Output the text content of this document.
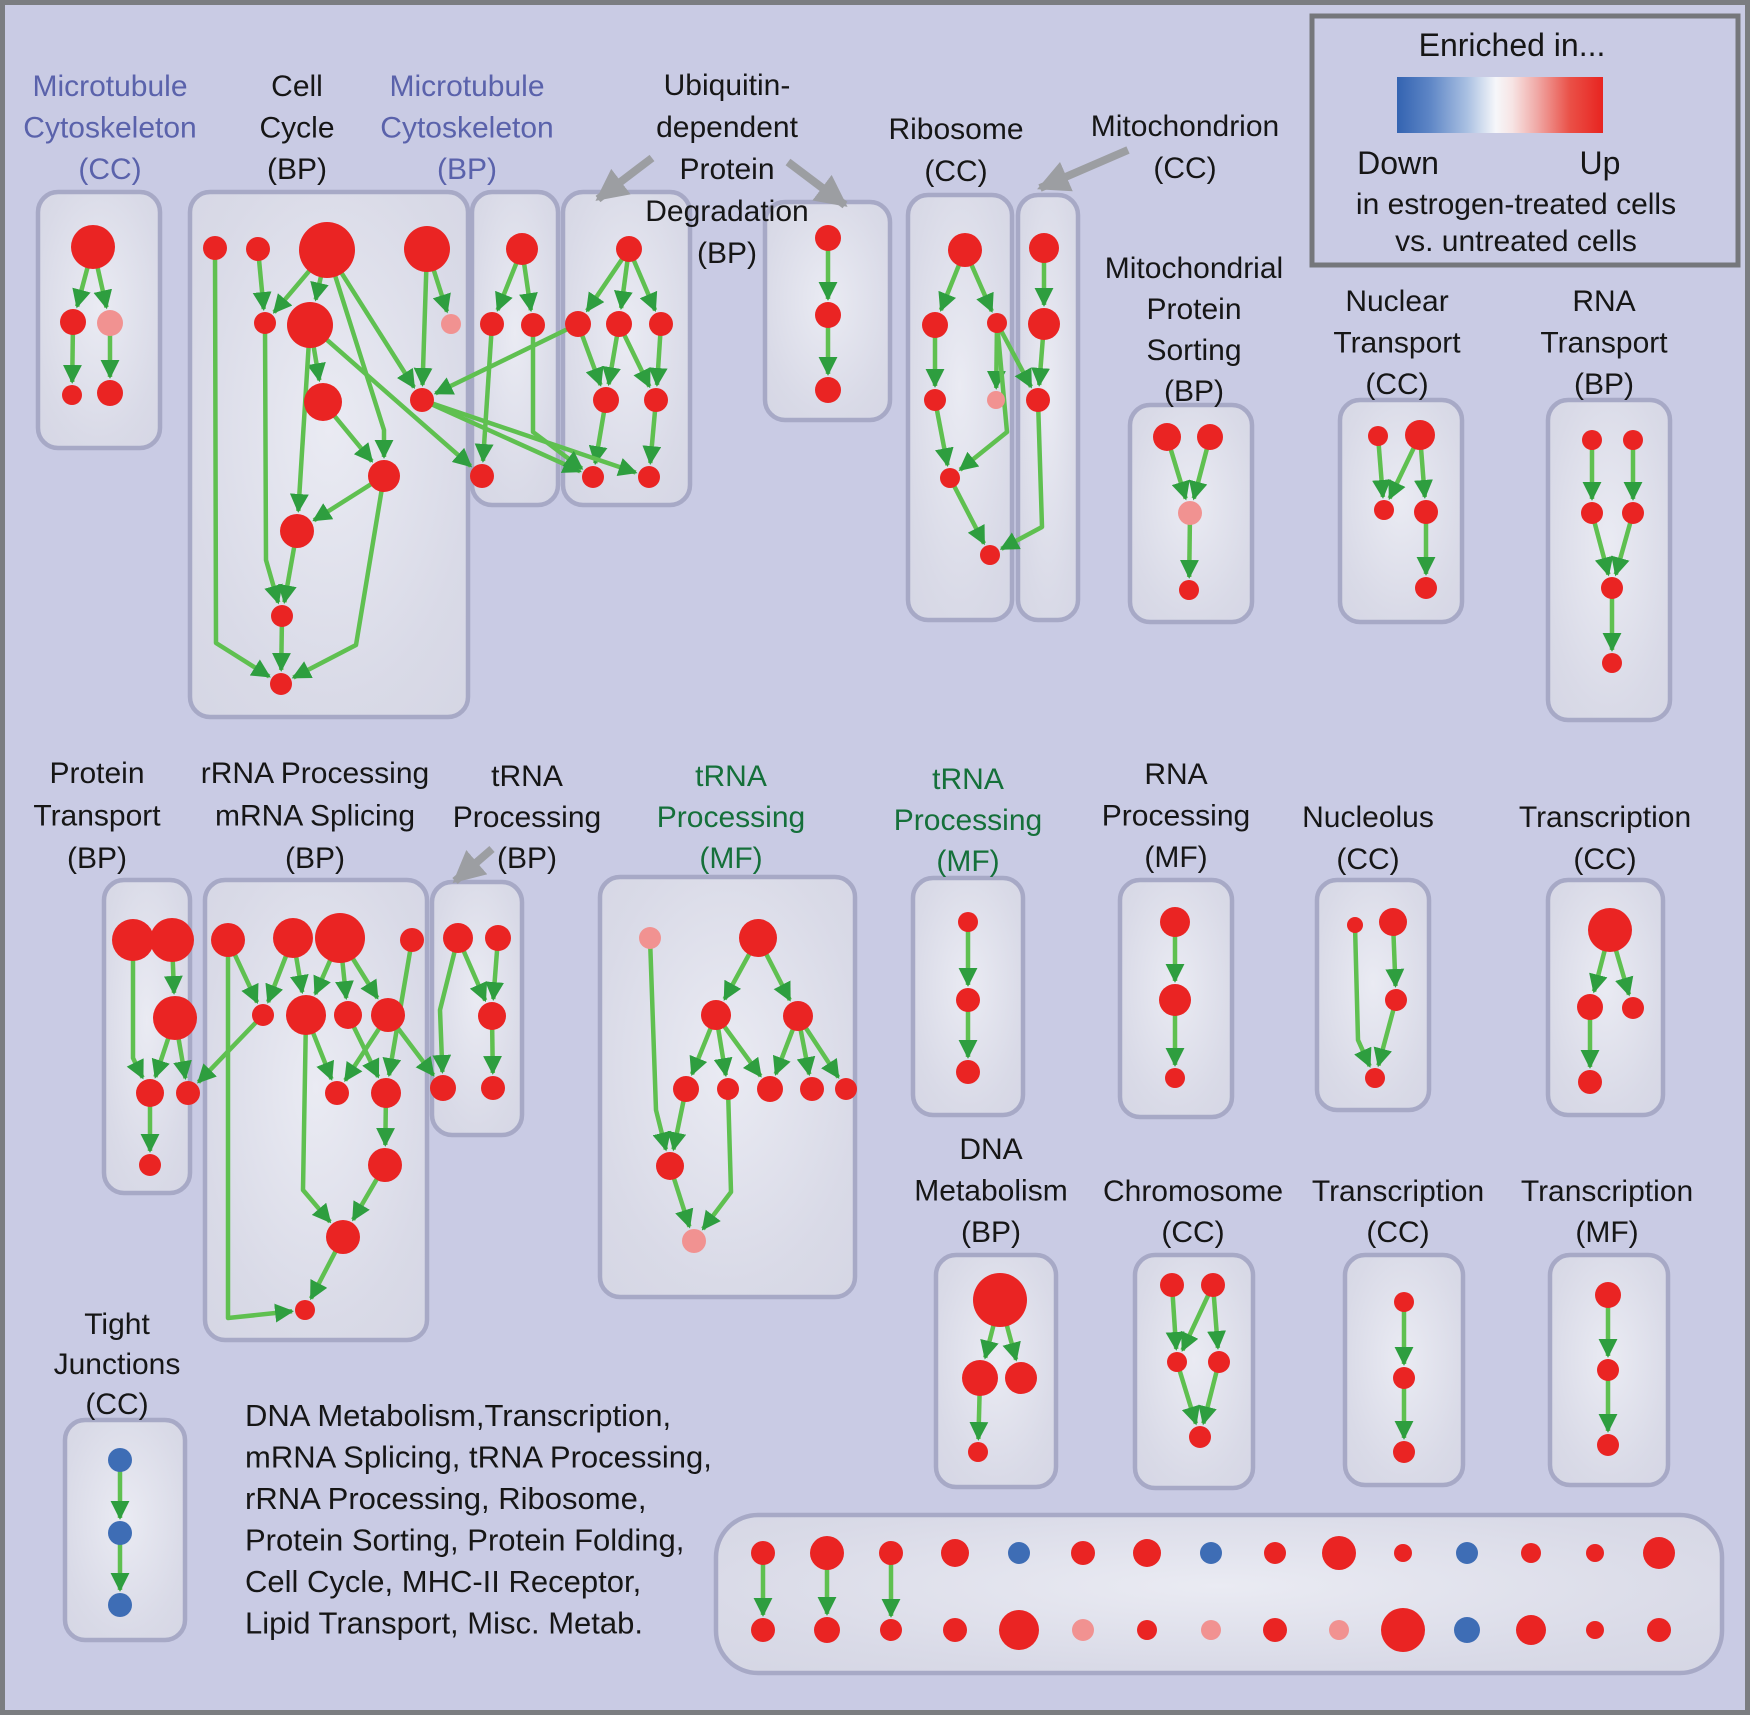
Microtubule Cytoskeleton (CC)
Cell Cycle (BP)
Microtubule Cytoskeleton (BP)
Ubiquitin-dependent Protein Degradation (BP)
Ribosome (CC)
Mitochondrion (CC)
Mitochondrial Protein Sorting (BP)
Nuclear Transport (CC)
RNA Transport (BP)
Protein Transport (BP)
rRNA Processing mRNA Splicing (BP)
tRNA Processing (BP)
tRNA Processing (MF)
tRNA Processing (MF)
RNA Processing (MF)
Nucleolus (CC)
Transcription (CC)
DNA Metabolism (BP)
Chromosome (CC)
Transcription (CC)
Transcription (MF)
Tight Junctions (CC)
Enriched in...
Down	Up
in estrogen-treated cells
vs. untreated cells
DNA Metabolism,Transcription, mRNA Splicing, tRNA Processing, rRNA Processing, Ribosome, Protein Sorting, Protein Folding, Cell Cycle, MHC-II Receptor, Lipid Transport, Misc. Metab.
